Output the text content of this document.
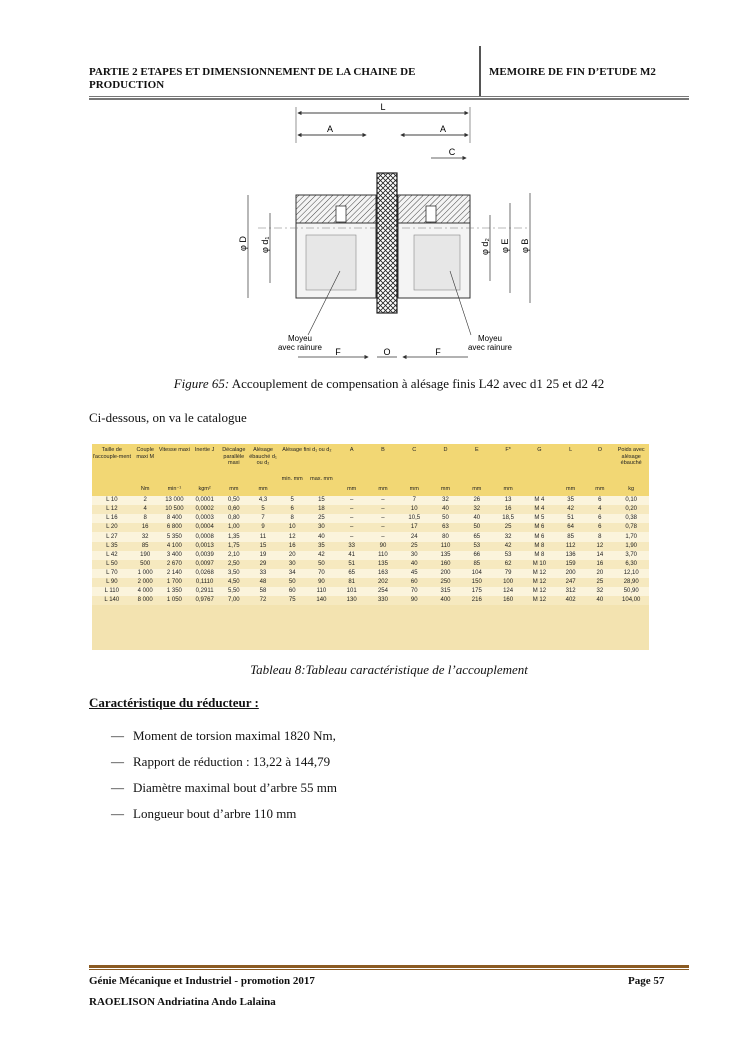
PARTIE 2 ETAPES ET DIMENSIONNEMENT DE LA CHAINE DE PRODUCTION
MEMOIRE DE FIN D’ETUDE M2
L
A	A
C
φ D φ d₁	φ d₂ φ E φ B
Moyeu
avec rainure
Moyeu
avec rainure
F	O	F
Figure 65: Accouplement de compensation à alésage finis L42 avec d1 25 et d2 42
Ci-dessous, on va le catalogue
Taille de l'accouple-ment	Couple maxi M	Vitesse maxi	Inertie J	Décalage parallèle maxi	Alésage ébauché d₁ ou d₂	Alésage fini d₁ ou d₂		A	B	C	D	E	F*	G	L	O	Poids avec alésage ébauché
						min. mm	max. mm										
	Nm	min⁻¹	kgm²	mm	mm			mm	mm	mm	mm	mm	mm		mm	mm	kg
L 10	2	13 000	0,0001	0,50	4,3	5	15	–	–	7	32	26	13	M 4	35	6	0,10
L 12	4	10 500	0,0002	0,60	5	6	18	–	–	10	40	32	16	M 4	42	4	0,20
L 16	8	8 400	0,0003	0,80	7	8	25	–	–	10,5	50	40	18,5	M 5	51	6	0,38
L 20	16	6 800	0,0004	1,00	9	10	30	–	–	17	63	50	25	M 6	64	6	0,78
L 27	32	5 350	0,0008	1,35	11	12	40	–	–	24	80	65	32	M 6	85	8	1,70
L 35	85	4 100	0,0013	1,75	15	16	35	33	90	25	110	53	42	M 8	112	12	1,90
L 42	190	3 400	0,0039	2,10	19	20	42	41	110	30	135	66	53	M 8	136	14	3,70
L 50	500	2 670	0,0097	2,50	29	30	50	51	135	40	160	85	62	M 10	159	16	6,30
L 70	1 000	2 140	0,0268	3,50	33	34	70	65	163	45	200	104	79	M 12	200	20	12,10
L 90	2 000	1 700	0,1110	4,50	48	50	90	81	202	60	250	150	100	M 12	247	25	28,90
L 110	4 000	1 350	0,2911	5,50	58	60	110	101	254	70	315	175	124	M 12	312	32	50,90
L 140	8 000	1 050	0,9767	7,00	72	75	140	130	330	90	400	216	160	M 12	402	40	104,00
Tableau 8:Tableau caractéristique de l’accouplement
Caractéristique du réducteur :
— Moment de torsion maximal 1820 Nm,
— Rapport de réduction : 13,22 à 144,79
— Diamètre maximal bout d’arbre 55 mm
— Longueur bout d’arbre 110 mm
Génie Mécanique et Industriel - promotion 2017	Page 57
RAOELISON Andriatina Ando Lalaina
